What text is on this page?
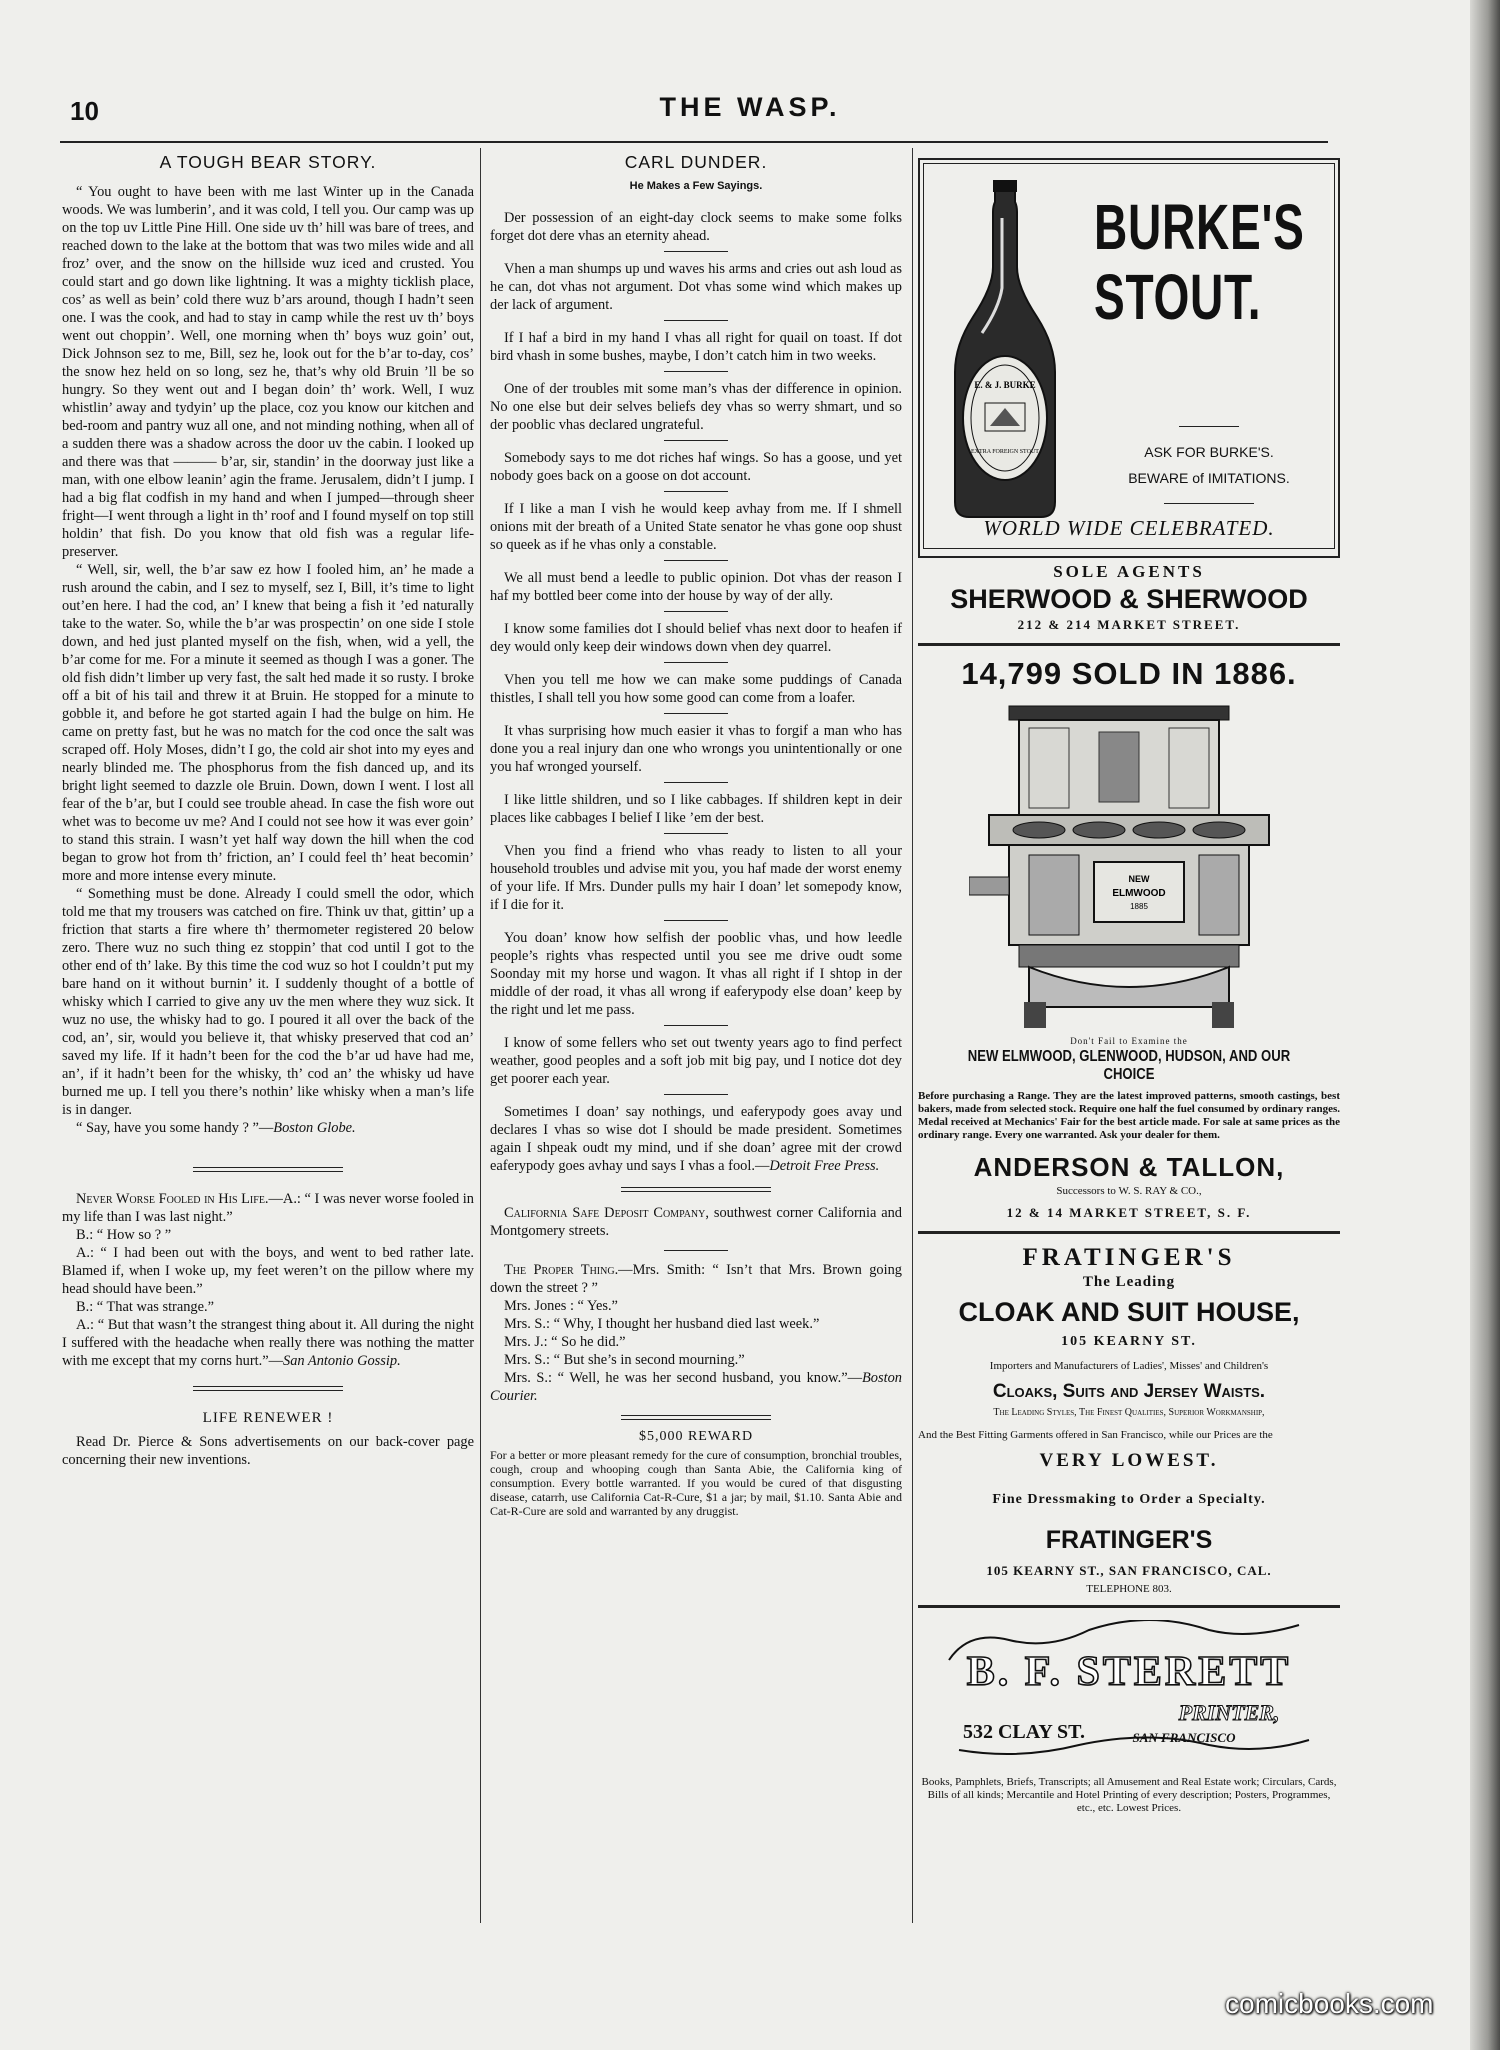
10	THE WASP.
A TOUGH BEAR STORY.

“ You ought to have been with me last Winter up in the Canada woods. We was lumberin’, and it was cold, I tell you. Our camp was up on the top uv Little Pine Hill. One side uv th’ hill was bare of trees, and reached down to the lake at the bottom that was two miles wide and all froz’ over, and the snow on the hillside wuz iced and crusted. You could start and go down like lightning. It was a mighty ticklish place, cos’ as well as bein’ cold there wuz b’ars around, though I hadn’t seen one. I was the cook, and had to stay in camp while the rest uv th’ boys went out choppin’. Well, one morning when th’ boys wuz goin’ out, Dick Johnson sez to me, Bill, sez he, look out for the b’ar to-day, cos’ the snow hez held on so long, sez he, that’s why old Bruin ’ll be so hungry. So they went out and I began doin’ th’ work. Well, I wuz whistlin’ away and tydyin’ up the place, coz you know our kitchen and bed-room and pantry wuz all one, and not minding nothing, when all of a sudden there was a shadow across the door uv the cabin. I looked up and there was that ——— b’ar, sir, standin’ in the doorway just like a man, with one elbow leanin’ agin the frame. Jerusalem, didn’t I jump. I had a big flat codfish in my hand and when I jumped—through sheer fright—I went through a light in th’ roof and I found myself on top still holdin’ that fish. Do you know that old fish was a regular life-preserver.

“ Well, sir, well, the b’ar saw ez how I fooled him, an’ he made a rush around the cabin, and I sez to myself, sez I, Bill, it’s time to light out’en here. I had the cod, an’ I knew that being a fish it ’ed naturally take to the water. So, while the b’ar was prospectin’ on one side I stole down, and hed just planted myself on the fish, when, wid a yell, the b’ar come for me. For a minute it seemed as though I was a goner. The old fish didn’t limber up very fast, the salt hed made it so rusty. I broke off a bit of his tail and threw it at Bruin. He stopped for a minute to gobble it, and before he got started again I had the bulge on him. He came on pretty fast, but he was no match for the cod once the salt was scraped off. Holy Moses, didn’t I go, the cold air shot into my eyes and nearly blinded me. The phosphorus from the fish danced up, and its bright light seemed to dazzle ole Bruin. Down, down I went. I lost all fear of the b’ar, but I could see trouble ahead. In case the fish wore out whet was to become uv me? And I could not see how it was ever goin’ to stand this strain. I wasn’t yet half way down the hill when the cod began to grow hot from th’ friction, an’ I could feel th’ heat becomin’ more and more intense every minute.

“ Something must be done. Already I could smell the odor, which told me that my trousers was catched on fire. Think uv that, gittin’ up a friction that starts a fire where th’ thermometer registered 20 below zero. There wuz no such thing ez stoppin’ that cod until I got to the other end of th’ lake. By this time the cod wuz so hot I couldn’t put my bare hand on it without burnin’ it. I suddenly thought of a bottle of whisky which I carried to give any uv the men where they wuz sick. It wuz no use, the whisky had to go. I poured it all over the back of the cod, an’, sir, would you believe it, that whisky preserved that cod an’ saved my life. If it hadn’t been for the cod the b’ar ud have had me, an’, if it hadn’t been for the whisky, th’ cod an’ the whisky ud have burned me up. I tell you there’s nothin’ like whisky when a man’s life is in danger.

“ Say, have you some handy ? ”—Boston Globe.

Never Worse Fooled in His Life.—A.: “ I was never worse fooled in my life than I was last night.”

B.: “ How so ? ”

A.: “ I had been out with the boys, and went to bed rather late. Blamed if, when I woke up, my feet weren’t on the pillow where my head should have been.”

B.: “ That was strange.”

A.: “ But that wasn’t the strangest thing about it. All during the night I suffered with the headache when really there was nothing the matter with me except that my corns hurt.”—San Antonio Gossip.

LIFE RENEWER !

Read Dr. Pierce & Sons advertisements on our back-cover page concerning their new inventions.

CARL DUNDER.
He Makes a Few Sayings.

Der possession of an eight-day clock seems to make some folks forget dot dere vhas an eternity ahead.

Vhen a man shumps up und waves his arms and cries out ash loud as he can, dot vhas not argument. Dot vhas some wind which makes up der lack of argument.

If I haf a bird in my hand I vhas all right for quail on toast. If dot bird vhash in some bushes, maybe, I don’t catch him in two weeks.

One of der troubles mit some man’s vhas der difference in opinion. No one else but deir selves beliefs dey vhas so werry shmart, und so der pooblic vhas declared ungrateful.

Somebody says to me dot riches haf wings. So has a goose, und yet nobody goes back on a goose on dot account.

If I like a man I vish he would keep avhay from me. If I shmell onions mit der breath of a United State senator he vhas gone oop shust so queek as if he vhas only a constable.

We all must bend a leedle to public opinion. Dot vhas der reason I haf my bottled beer come into der house by way of der ally.

I know some families dot I should belief vhas next door to heafen if dey would only keep deir windows down vhen dey quarrel.

Vhen you tell me how we can make some puddings of Canada thistles, I shall tell you how some good can come from a loafer.

It vhas surprising how much easier it vhas to forgif a man who has done you a real injury dan one who wrongs you unintentionally or one you haf wronged yourself.

I like little shildren, und so I like cabbages. If shildren kept in deir places like cabbages I belief I like ’em der best.

Vhen you find a friend who vhas ready to listen to all your household troubles und advise mit you, you haf made der worst enemy of your life. If Mrs. Dunder pulls my hair I doan’ let somepody know, if I die for it.

You doan’ know how selfish der pooblic vhas, und how leedle people’s rights vhas respected until you see me drive oudt some Soonday mit my horse und wagon. It vhas all right if I shtop in der middle of der road, it vhas all wrong if eaferypody else doan’ keep by the right und let me pass.

I know of some fellers who set out twenty years ago to find perfect weather, good peoples and a soft job mit big pay, und I notice dot dey get poorer each year.

Sometimes I doan’ say nothings, und eaferypody goes avay und declares I vhas so wise dot I should be made president. Sometimes again I shpeak oudt my mind, und if she doan’ agree mit der crowd eaferypody goes avhay und says I vhas a fool.—Detroit Free Press.

California Safe Deposit Company, southwest corner California and Montgomery streets.

The Proper Thing.—Mrs. Smith: “ Isn’t that Mrs. Brown going down the street ? ”

Mrs. Jones : “ Yes.”

Mrs. S.: “ Why, I thought her husband died last week.”

Mrs. J.: “ So he did.”

Mrs. S.: “ But she’s in second mourning.”

Mrs. S.: “ Well, he was her second husband, you know.”—Boston Courier.

$5,000 REWARD

For a better or more pleasant remedy for the cure of consumption, bronchial troubles, cough, croup and whooping cough than Santa Abie, the California king of consumption. Every bottle warranted. If you would be cured of that disgusting disease, catarrh, use California Cat-R-Cure, $1 a jar; by mail, $1.10. Santa Abie and Cat-R-Cure are sold and warranted by any druggist.

E. & J. BURKE
EXTRA FOREIGN STOUT
BURKE'S
STOUT.
ASK FOR BURKE'S.
BEWARE of IMITATIONS.
WORLD WIDE CELEBRATED.
SOLE AGENTS
SHERWOOD & SHERWOOD
212 & 214 MARKET STREET.
14,799 SOLD IN 1886.
NEW
ELMWOOD
1885
Don't Fail to Examine the
NEW ELMWOOD, GLENWOOD, HUDSON, AND OUR CHOICE
Before purchasing a Range. They are the latest improved patterns, smooth castings, best bakers, made from selected stock. Require one half the fuel consumed by ordinary ranges. Medal received at Mechanics' Fair for the best article made. For sale at same prices as the ordinary range. Every one warranted. Ask your dealer for them.
ANDERSON & TALLON,
Successors to W. S. RAY & CO.,
12 & 14 MARKET STREET, S. F.
FRATINGER'S
The Leading
CLOAK AND SUIT HOUSE,
105 KEARNY ST.
Importers and Manufacturers of Ladies', Misses' and Children's
Cloaks, Suits and Jersey Waists.
The Leading Styles, The Finest Qualities, Superior Workmanship,
And the Best Fitting Garments offered in San Francisco, while our Prices are the
VERY LOWEST.
Fine Dressmaking to Order a Specialty.
FRATINGER'S
105 KEARNY ST., SAN FRANCISCO, CAL.
TELEPHONE 803.
B. F. STERETT
PRINTER,
532 CLAY ST.	SAN FRANCISCO
Books, Pamphlets, Briefs, Transcripts; all Amusement and Real Estate work; Circulars, Cards, Bills of all kinds; Mercantile and Hotel Printing of every description; Posters, Programmes, etc., etc. Lowest Prices.
comicbooks.com
